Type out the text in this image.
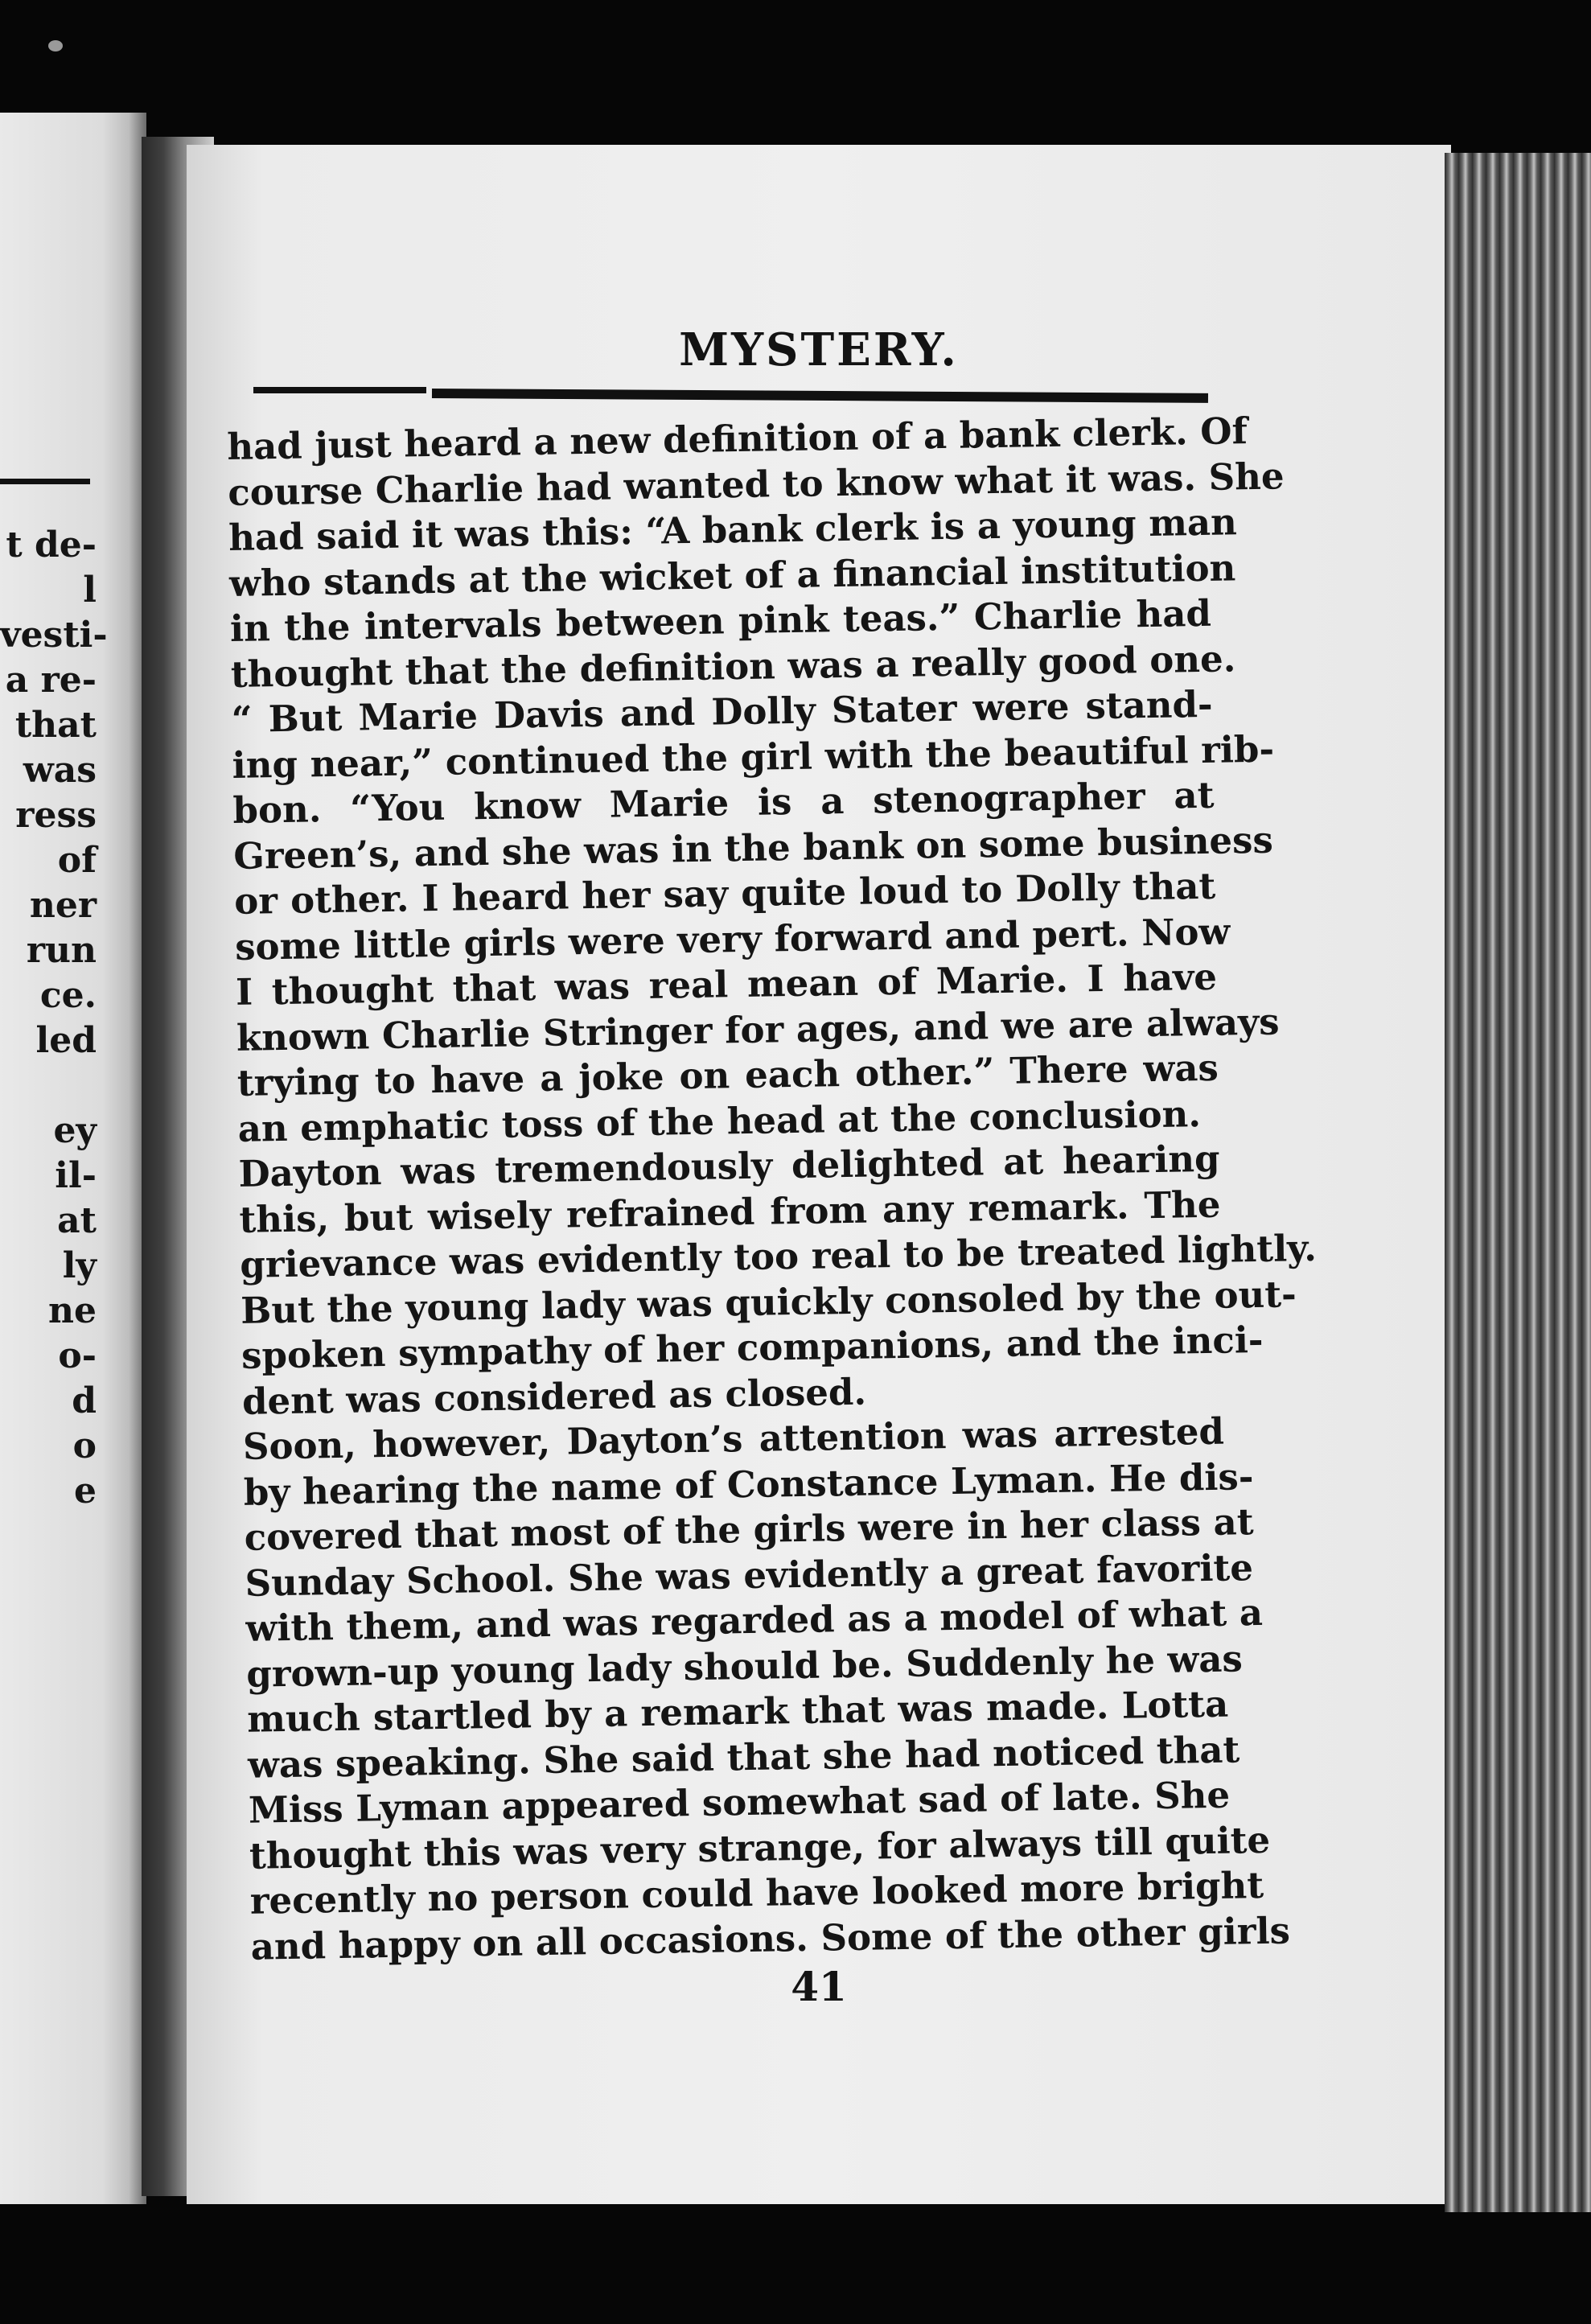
t de-
l
vesti-
a re-
that
was
ress
of
ner
run
ce.
led
ey
il-
at
ly
ne
o-
d
o
e
MYSTERY.
had just heard a new definition of a bank clerk. Of
course Charlie had wanted to know what it was. She
had said it was this: “A bank clerk is a young man
who stands at the wicket of a financial institution
in the intervals between pink teas.” Charlie had
thought that the definition was a really good one.
“ But Marie Davis and Dolly Stater were stand-
ing near,” continued the girl with the beautiful rib-
bon. “You know Marie is a stenographer at
Green’s, and she was in the bank on some business
or other. I heard her say quite loud to Dolly that
some little girls were very forward and pert. Now
I thought that was real mean of Marie. I have
known Charlie Stringer for ages, and we are always
trying to have a joke on each other.” There was
an emphatic toss of the head at the conclusion.
Dayton was tremendously delighted at hearing
this, but wisely refrained from any remark. The
grievance was evidently too real to be treated lightly.
But the young lady was quickly consoled by the out-
spoken sympathy of her companions, and the inci-
dent was considered as closed.
Soon, however, Dayton’s attention was arrested
by hearing the name of Constance Lyman. He dis-
covered that most of the girls were in her class at
Sunday School. She was evidently a great favorite
with them, and was regarded as a model of what a
grown-up young lady should be. Suddenly he was
much startled by a remark that was made. Lotta
was speaking. She said that she had noticed that
Miss Lyman appeared somewhat sad of late. She
thought this was very strange, for always till quite
recently no person could have looked more bright
and happy on all occasions. Some of the other girls
41
